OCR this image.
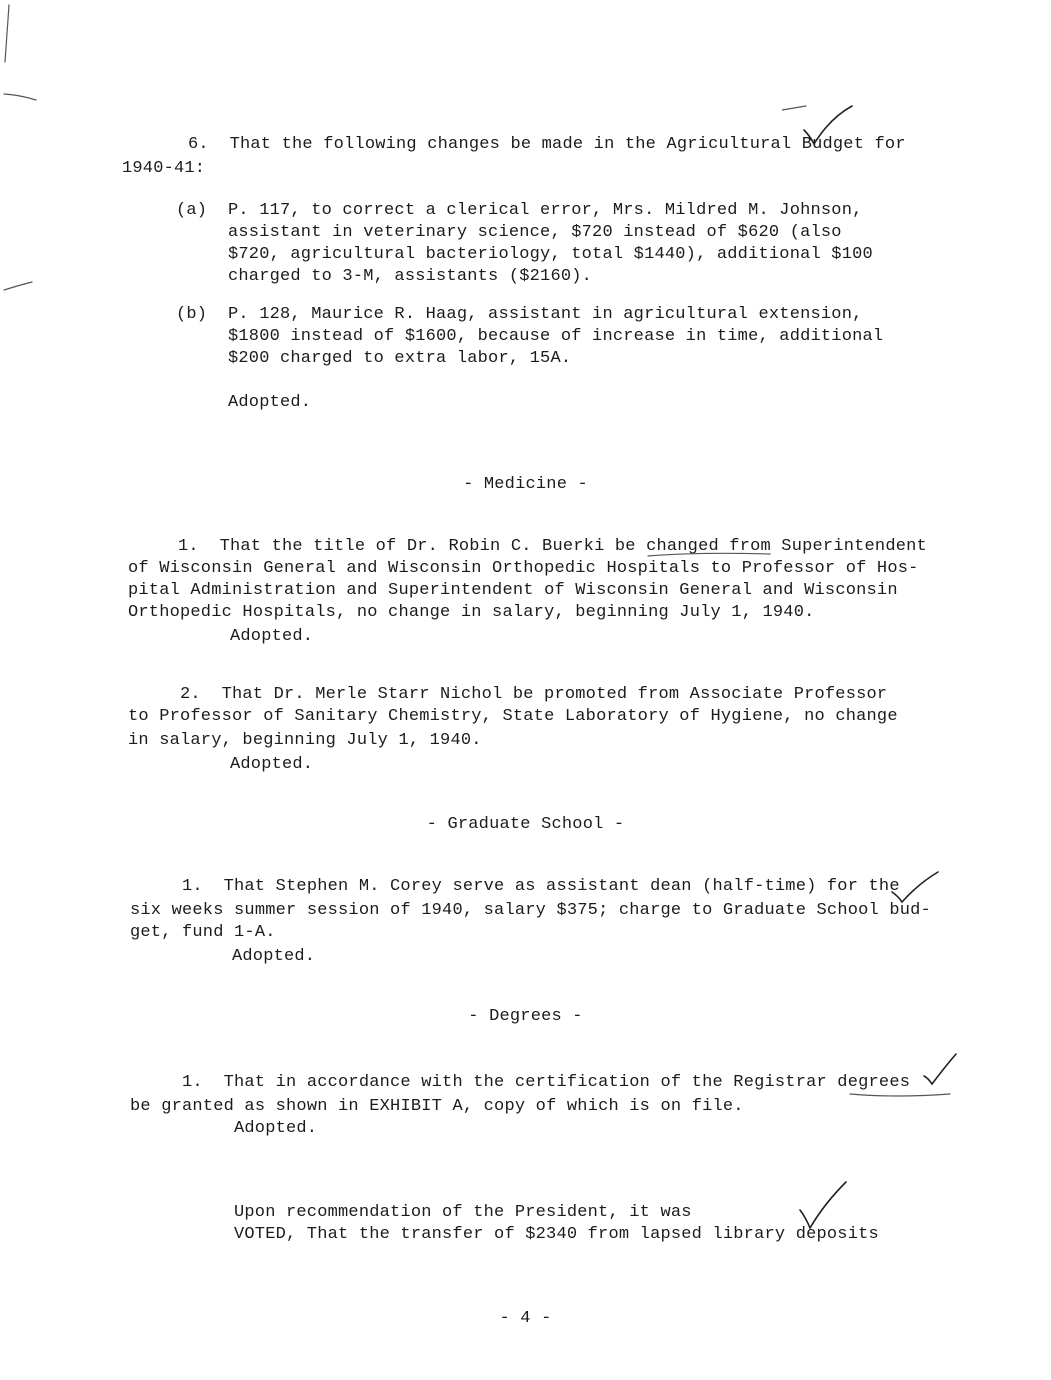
6.  That the following changes be made in the Agricultural Budget for
1940-41:
(a) P. 117, to correct a clerical error, Mrs. Mildred M. Johnson,
assistant in veterinary science, $720 instead of $620 (also
$720, agricultural bacteriology, total $1440), additional $100
charged to 3-M, assistants ($2160).
(b) P. 128, Maurice R. Haag, assistant in agricultural extension,
$1800 instead of $1600, because of increase in time, additional
$200 charged to extra labor, 15A.
Adopted.
- Medicine -
1.  That the title of Dr. Robin C. Buerki be changed from Superintendent
of Wisconsin General and Wisconsin Orthopedic Hospitals to Professor of Hos-
pital Administration and Superintendent of Wisconsin General and Wisconsin
Orthopedic Hospitals, no change in salary, beginning July 1, 1940.
Adopted.
2.  That Dr. Merle Starr Nichol be promoted from Associate Professor
to Professor of Sanitary Chemistry, State Laboratory of Hygiene, no change
in salary, beginning July 1, 1940.
Adopted.
- Graduate School -
1.  That Stephen M. Corey serve as assistant dean (half-time) for the
six weeks summer session of 1940, salary $375; charge to Graduate School bud-
get, fund 1-A.
Adopted.
- Degrees -
1.  That in accordance with the certification of the Registrar degrees
be granted as shown in EXHIBIT A, copy of which is on file.
Adopted.
Upon recommendation of the President, it was
VOTED, That the transfer of $2340 from lapsed library deposits
- 4 -
